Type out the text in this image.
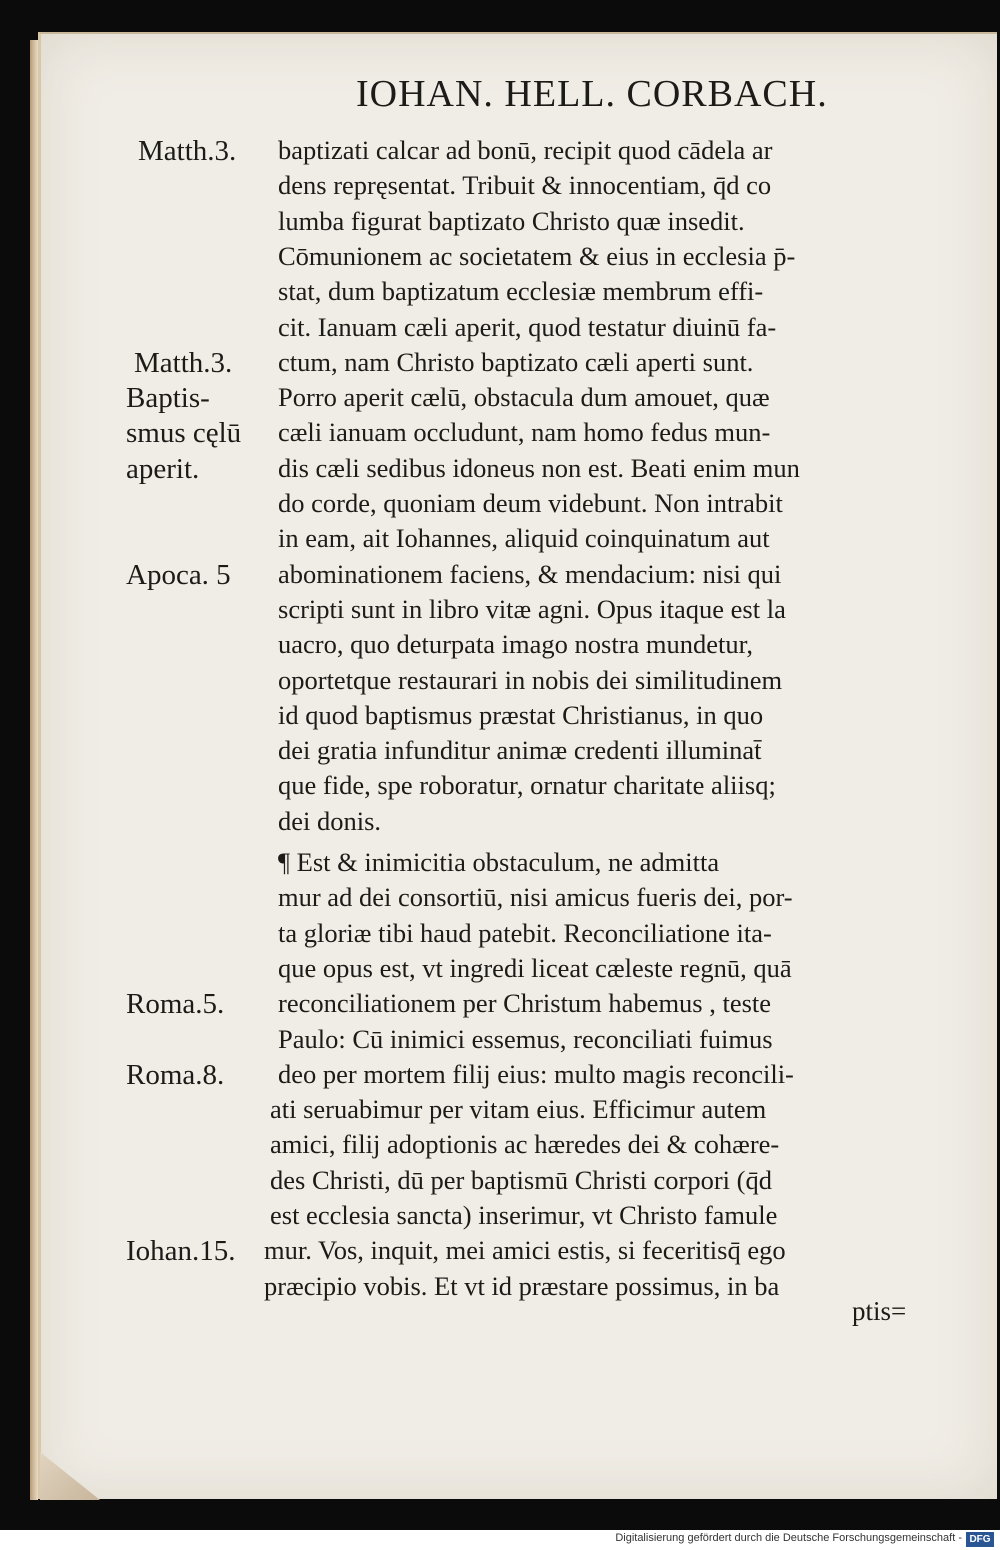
IOHAN. HELL. CORBACH.
Matth.3.
Matth.3.
Baptis-
smus cęlū
aperit.
Apoca. 5
Roma.5.
Roma.8.
Iohan.15.
baptizati calcar ad bonū, recipit quod cādela ar
dens repręsentat. Tribuit & innocentiam, q̄d co
lumba figurat baptizato Christo quæ insedit.
Cōmunionem ac societatem & eius in ecclesia p̄-
stat, dum baptizatum ecclesiæ membrum effi-
cit. Ianuam cæli aperit, quod testatur diuinū fa-
ctum, nam Christo baptizato cæli aperti sunt.
Porro aperit cælū, obstacula dum amouet, quæ
cæli ianuam occludunt, nam homo fedus mun-
dis cæli sedibus idoneus non est. Beati enim mun
do corde, quoniam deum videbunt. Non intrabit
in eam, ait Iohannes, aliquid coinquinatum aut
abominationem faciens, & mendacium: nisi qui
scripti sunt in libro vitæ agni. Opus itaque est la
uacro, quo deturpata imago nostra mundetur,
oportetque restaurari in nobis dei similitudinem
id quod baptismus præstat Christianus, in quo
dei gratia infunditur animæ credenti illuminat̄
que fide, spe roboratur, ornatur charitate aliisq;
dei donis.
¶ Est & inimicitia obstaculum, ne admitta
mur ad dei consortiū, nisi amicus fueris dei, por-
ta gloriæ tibi haud patebit. Reconciliatione ita-
que opus est, vt ingredi liceat cæleste regnū, quā
reconciliationem per Christum habemus , teste
Paulo: Cū inimici essemus, reconciliati fuimus
deo per mortem filij eius: multo magis reconcili-
ati seruabimur per vitam eius. Efficimur autem
amici, filij adoptionis ac hæredes dei & cohære-
des Christi, dū per baptismū Christi corpori (q̄d
est ecclesia sancta) inserimur, vt Christo famule
mur. Vos, inquit, mei amici estis, si feceritisq̄ ego
præcipio vobis. Et vt id præstare possimus, in ba
ptis=
Digitalisierung gefördert durch die Deutsche Forschungsgemeinschaft - DFG
